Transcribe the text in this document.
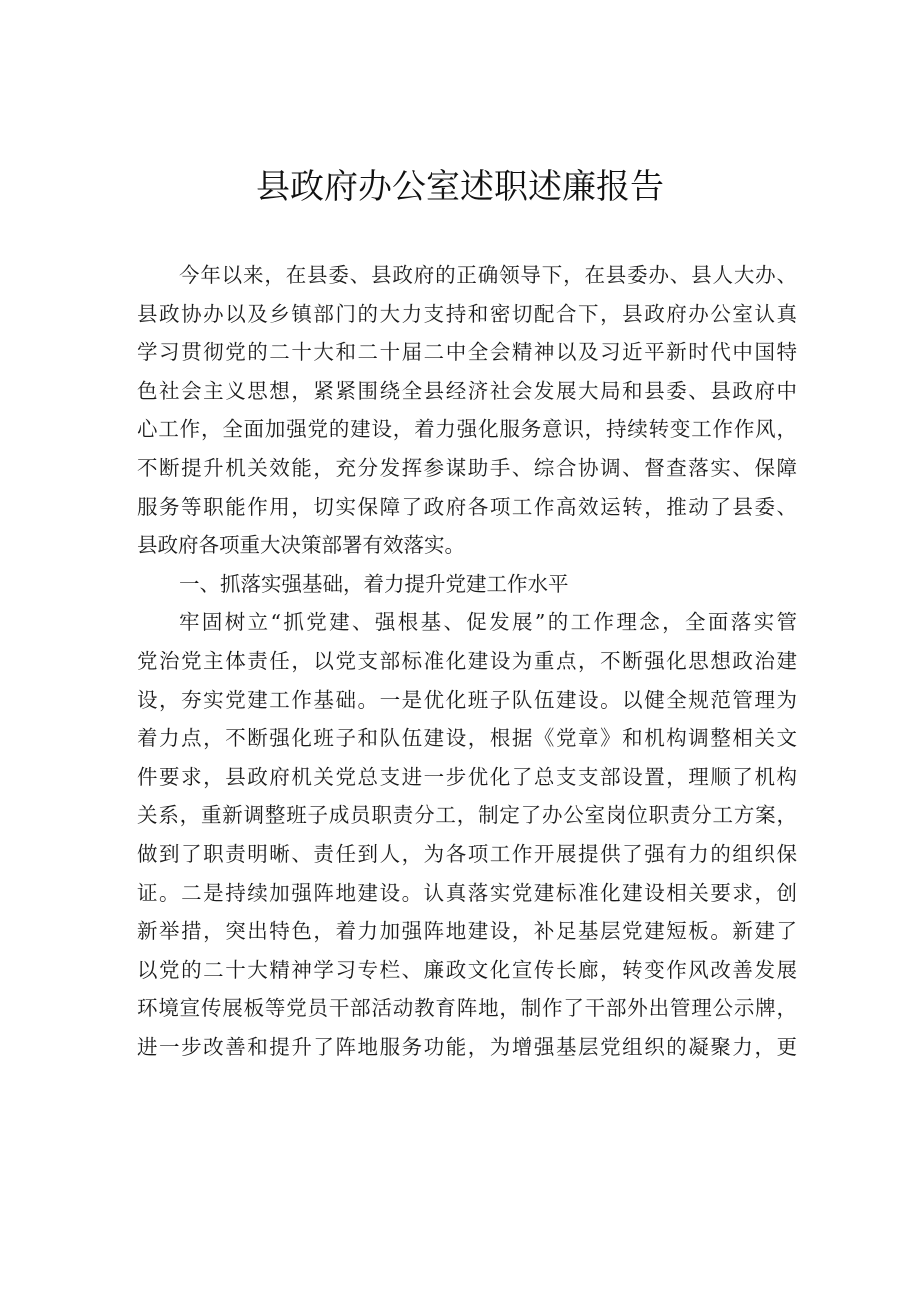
县政府办公室述职述廉报告
今年以来，在县委、县政府的正确领导下，在县委办、县人大办、
县政协办以及乡镇部门的大力支持和密切配合下，县政府办公室认真
学习贯彻党的二十大和二十届二中全会精神以及习近平新时代中国特
色社会主义思想，紧紧围绕全县经济社会发展大局和县委、县政府中
心工作，全面加强党的建设，着力强化服务意识，持续转变工作作风，
不断提升机关效能，充分发挥参谋助手、综合协调、督查落实、保障
服务等职能作用，切实保障了政府各项工作高效运转，推动了县委、
县政府各项重大决策部署有效落实。
一、抓落实强基础，着力提升党建工作水平
牢固树立“抓党建、强根基、促发展”的工作理念，全面落实管
党治党主体责任，以党支部标准化建设为重点，不断强化思想政治建
设，夯实党建工作基础。一是优化班子队伍建设。以健全规范管理为
着力点，不断强化班子和队伍建设，根据《党章》和机构调整相关文
件要求，县政府机关党总支进一步优化了总支支部设置，理顺了机构
关系，重新调整班子成员职责分工，制定了办公室岗位职责分工方案，
做到了职责明晰、责任到人，为各项工作开展提供了强有力的组织保
证。二是持续加强阵地建设。认真落实党建标准化建设相关要求，创
新举措，突出特色，着力加强阵地建设，补足基层党建短板。新建了
以党的二十大精神学习专栏、廉政文化宣传长廊，转变作风改善发展
环境宣传展板等党员干部活动教育阵地，制作了干部外出管理公示牌，
进一步改善和提升了阵地服务功能，为增强基层党组织的凝聚力，更
